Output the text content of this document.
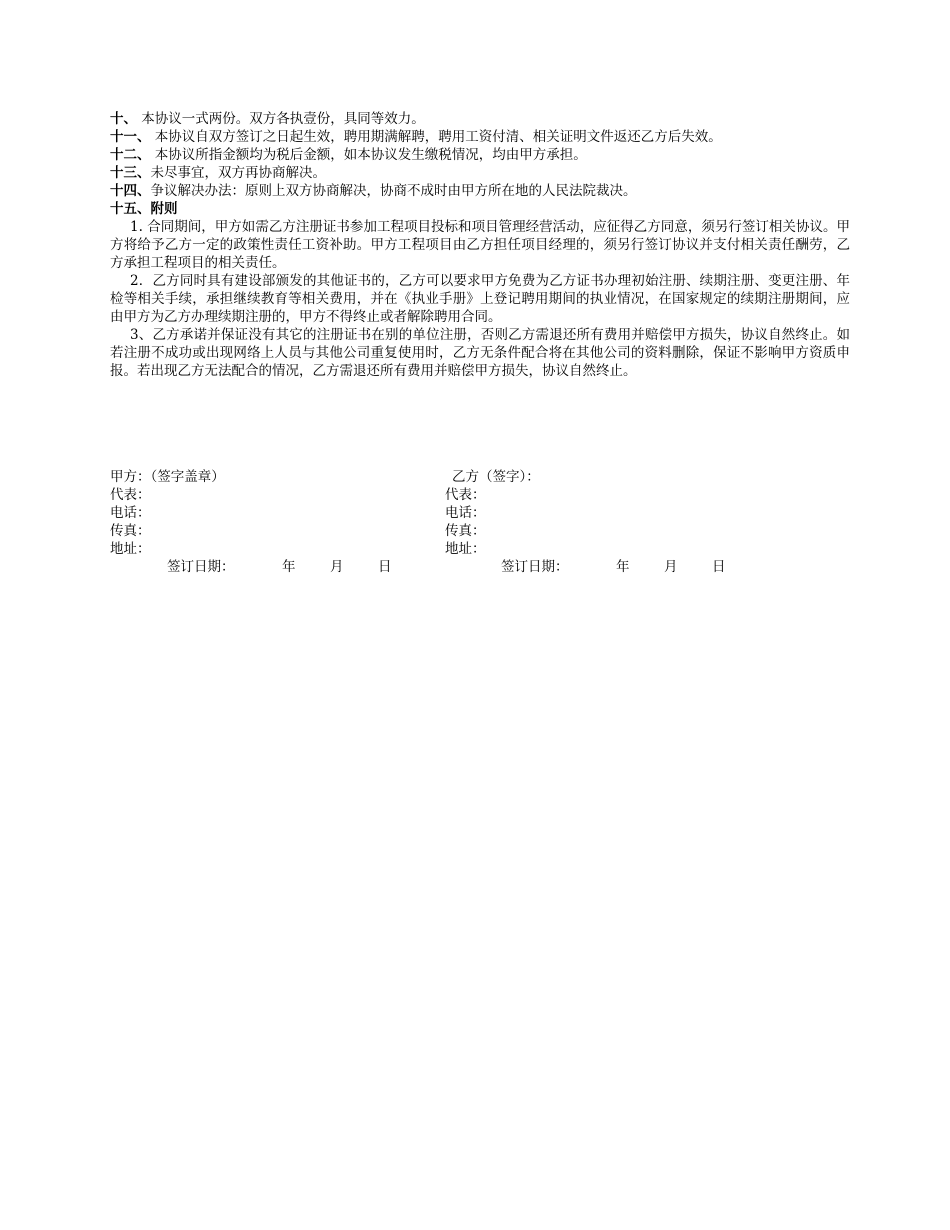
十、 本协议一式两份。双方各执壹份，具同等效力。
十一、 本协议自双方签订之日起生效，聘用期满解聘，聘用工资付清、相关证明文件返还乙方后失效。
十二、 本协议所指金额均为税后金额，如本协议发生缴税情况，均由甲方承担。
十三、未尽事宜，双方再协商解决。
十四、争议解决办法：原则上双方协商解决，协商不成时由甲方所在地的人民法院裁决。
十五、附则
1. 合同期间，甲方如需乙方注册证书参加工程项目投标和项目管理经营活动，应征得乙方同意，须另行签订相关协议。甲方将给予乙方一定的政策性责任工资补助。甲方工程项目由乙方担任项目经理的，须另行签订协议并支付相关责任酬劳，乙方承担工程项目的相关责任。
2．乙方同时具有建设部颁发的其他证书的，乙方可以要求甲方免费为乙方证书办理初始注册、续期注册、变更注册、年检等相关手续，承担继续教育等相关费用，并在《执业手册》上登记聘用期间的执业情况，在国家规定的续期注册期间，应由甲方为乙方办理续期注册的，甲方不得终止或者解除聘用合同。
3、乙方承诺并保证没有其它的注册证书在别的单位注册，否则乙方需退还所有费用并赔偿甲方损失，协议自然终止。如若注册不成功或出现网络上人员与其他公司重复使用时，乙方无条件配合将在其他公司的资料删除，保证不影响甲方资质申报。若出现乙方无法配合的情况，乙方需退还所有费用并赔偿甲方损失，协议自然终止。
甲方：（签字盖章）	乙方（签字）：
代表：	代表：
电话：	电话：
传真：	传真：
地址：	地址：
签订日期：	年	月	日	签订日期：	年	月	日
